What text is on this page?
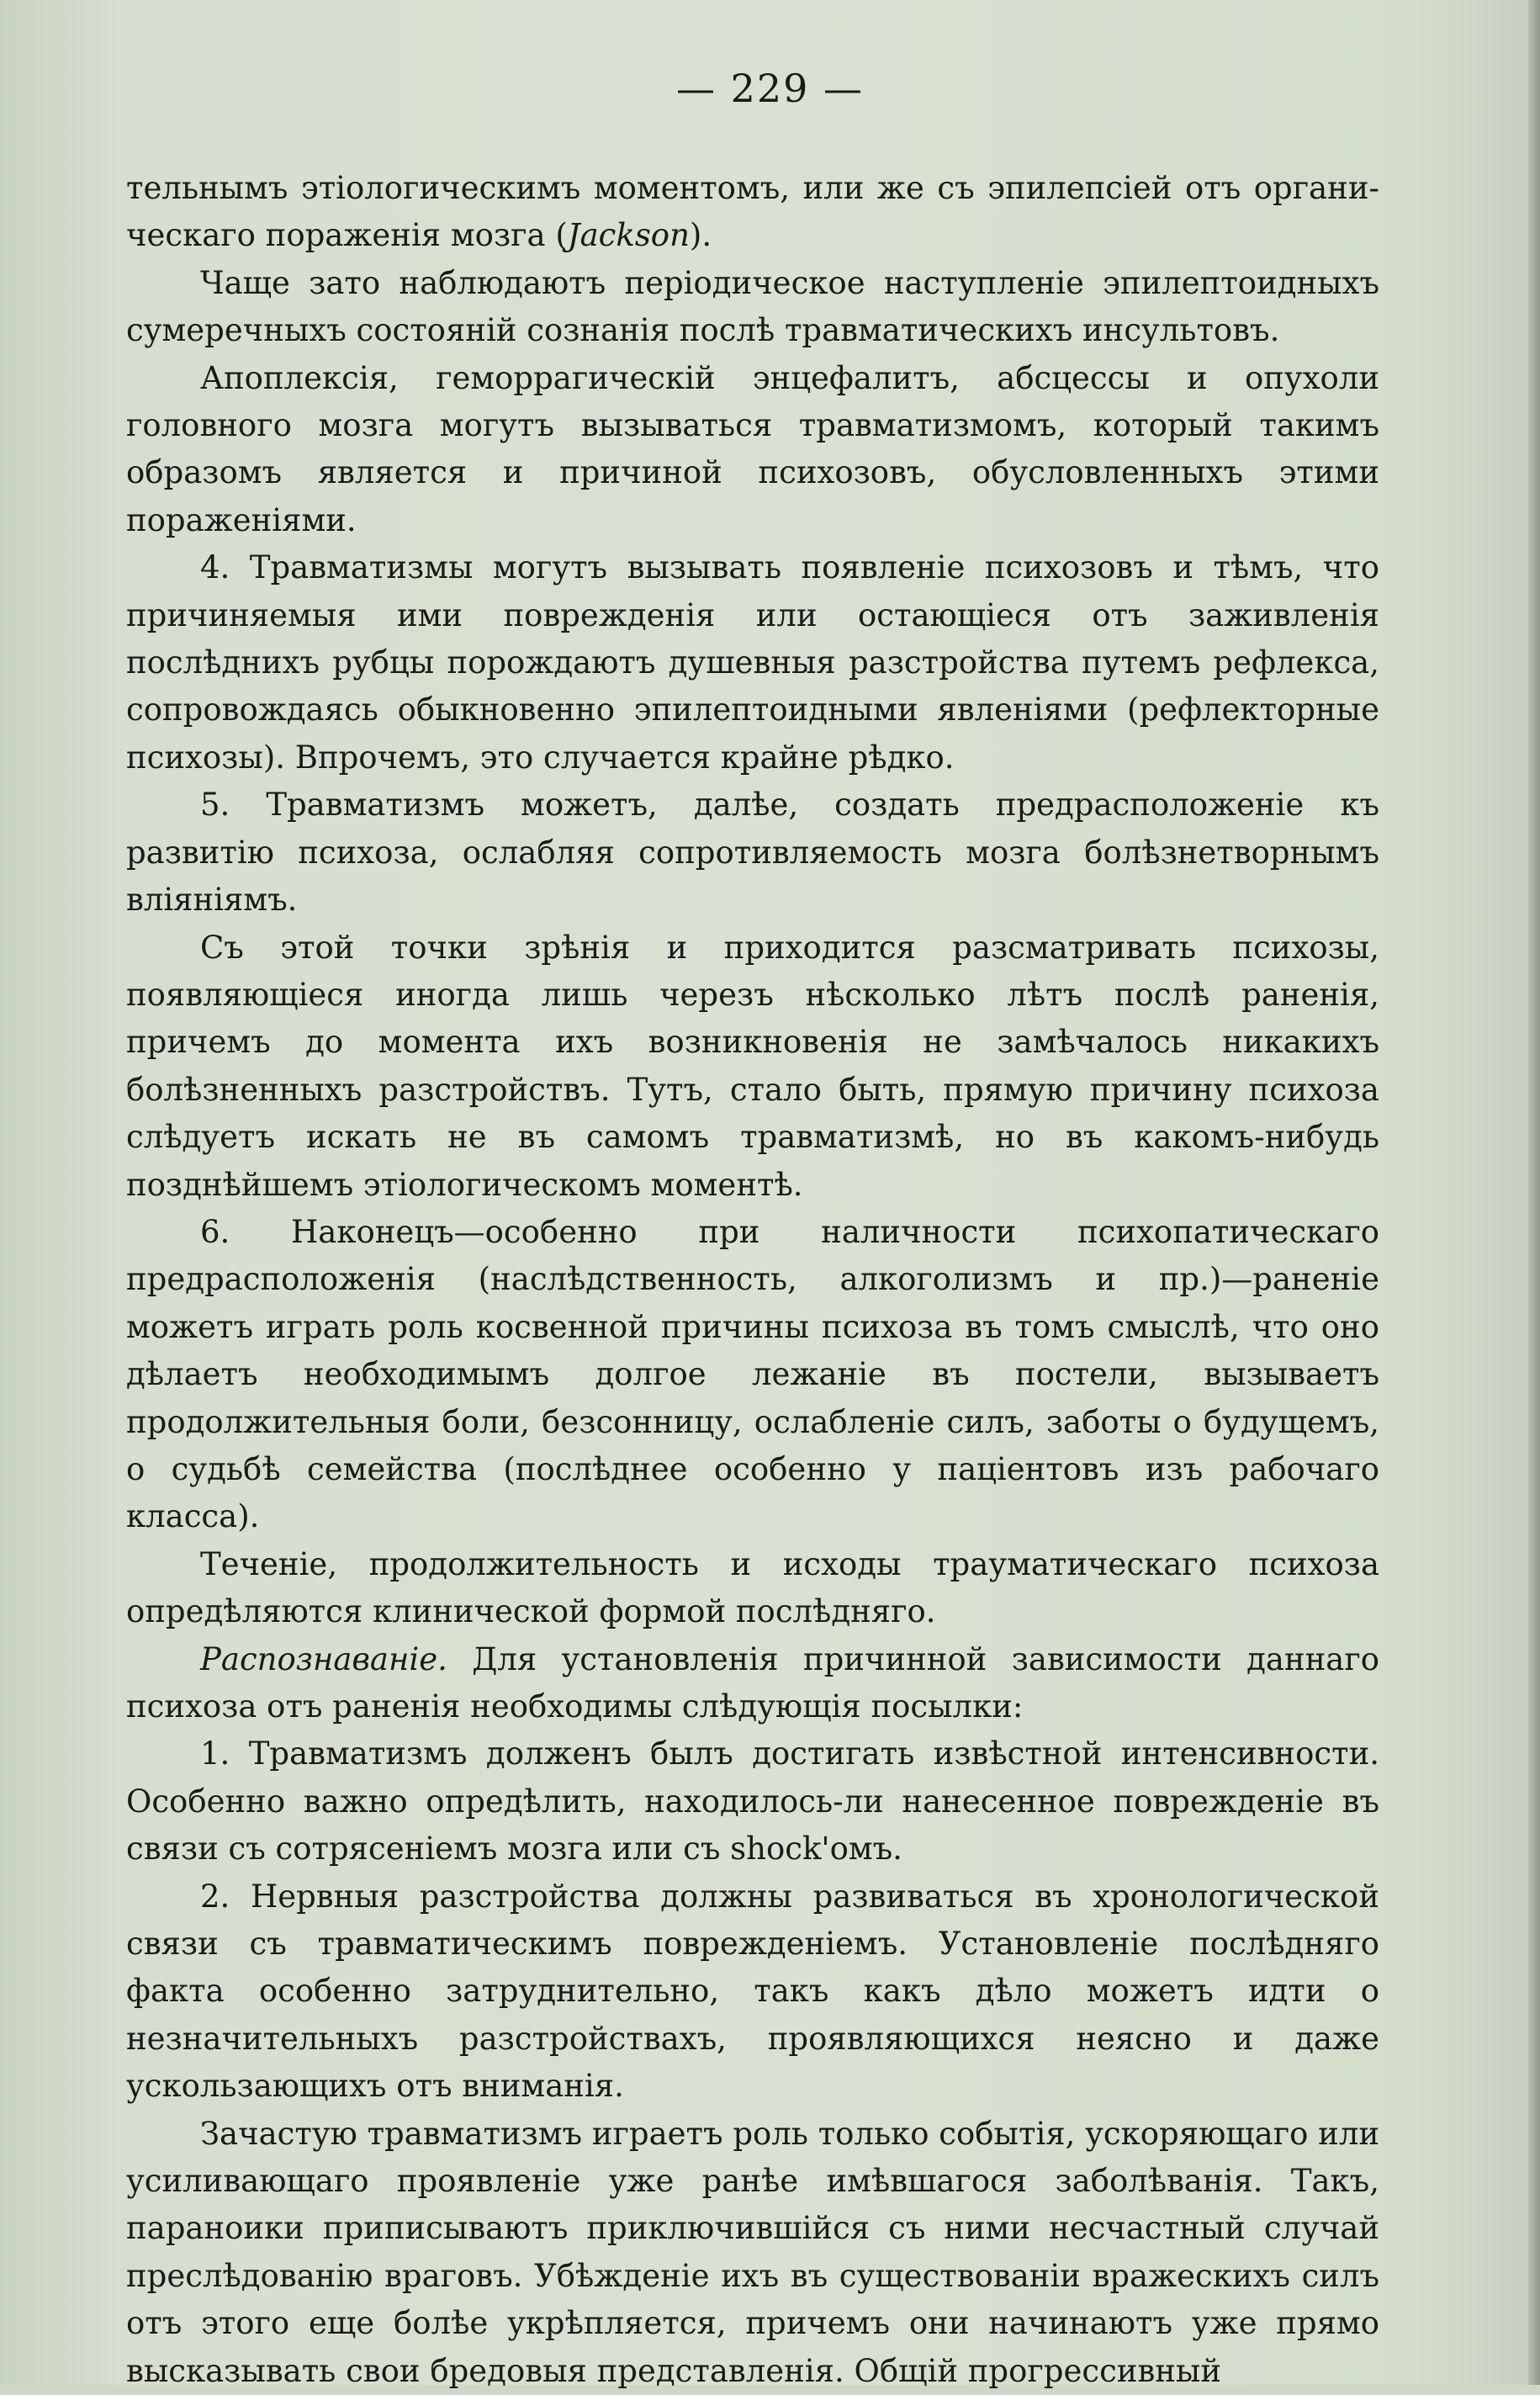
— 229 —

тельнымъ этіологическимъ моментомъ, или же съ эпилепсіей отъ органи-ческаго пораженія мозга (Jackson).

Чаще зато наблюдаютъ періодическое наступленіе эпилептоидныхъ сумеречныхъ состояній сознанія послѣ травматическихъ инсультовъ.

Апоплексія, геморрагическій энцефалитъ, абсцессы и опухоли головного мозга могутъ вызываться травматизмомъ, который такимъ образомъ является и причиной психозовъ, обусловленныхъ этими пораженіями.

4. Травматизмы могутъ вызывать появленіе психозовъ и тѣмъ, что причиняемыя ими поврежденія или остающіеся отъ заживленія послѣднихъ рубцы порождаютъ душевныя разстройства путемъ рефлекса, сопровождаясь обыкновенно эпилептоидными явленіями (рефлекторные психозы). Впрочемъ, это случается крайне рѣдко.

5. Травматизмъ можетъ, далѣе, создать предрасположеніе къ развитію психоза, ослабляя сопротивляемость мозга болѣзнетворнымъ вліяніямъ.

Съ этой точки зрѣнія и приходится разсматривать психозы, появляющіеся иногда лишь черезъ нѣсколько лѣтъ послѣ раненія, причемъ до момента ихъ возникновенія не замѣчалось никакихъ болѣзненныхъ разстройствъ. Тутъ, стало быть, прямую причину психоза слѣдуетъ искать не въ самомъ травматизмѣ, но въ какомъ-нибудь позднѣйшемъ этіологическомъ моментѣ.

6. Наконецъ—особенно при наличности психопатическаго предрасположенія (наслѣдственность, алкоголизмъ и пр.)—раненіе можетъ играть роль косвенной причины психоза въ томъ смыслѣ, что оно дѣлаетъ необходимымъ долгое лежаніе въ постели, вызываетъ продолжительныя боли, безсонницу, ослабленіе силъ, заботы о будущемъ, о судьбѣ семейства (послѣднее особенно у паціентовъ изъ рабочаго класса).

Теченіе, продолжительность и исходы траумaтическаго психоза опредѣляются клинической формой послѣдняго.

Распознаваніе. Для установленія причинной зависимости даннаго психоза отъ раненія необходимы слѣдующія посылки:

1. Травматизмъ долженъ былъ достигать извѣстной интенсивности. Особенно важно опредѣлить, находилось-ли нанесенное поврежденіе въ связи съ сотрясеніемъ мозга или съ shock'омъ.

2. Нервныя разстройства должны развиваться въ хронологической связи съ травматическимъ поврежденіемъ. Установленіе послѣдняго факта особенно затруднительно, такъ какъ дѣло можетъ идти о незначительныхъ разстройствахъ, проявляющихся неясно и даже ускользающихъ отъ вниманія.

Зачастую травматизмъ играетъ роль только событія, ускоряющаго или усиливающаго проявленіе уже ранѣе имѣвшагося заболѣванія. Такъ, параноики приписываютъ приключившійся съ ними несчастный случай преслѣдованію враговъ. Убѣжденіе ихъ въ существованіи вражескихъ силъ отъ этого еще болѣе укрѣпляется, причемъ они начинаютъ уже прямо высказывать свои бредовыя представленія. Общій прогрессивный
